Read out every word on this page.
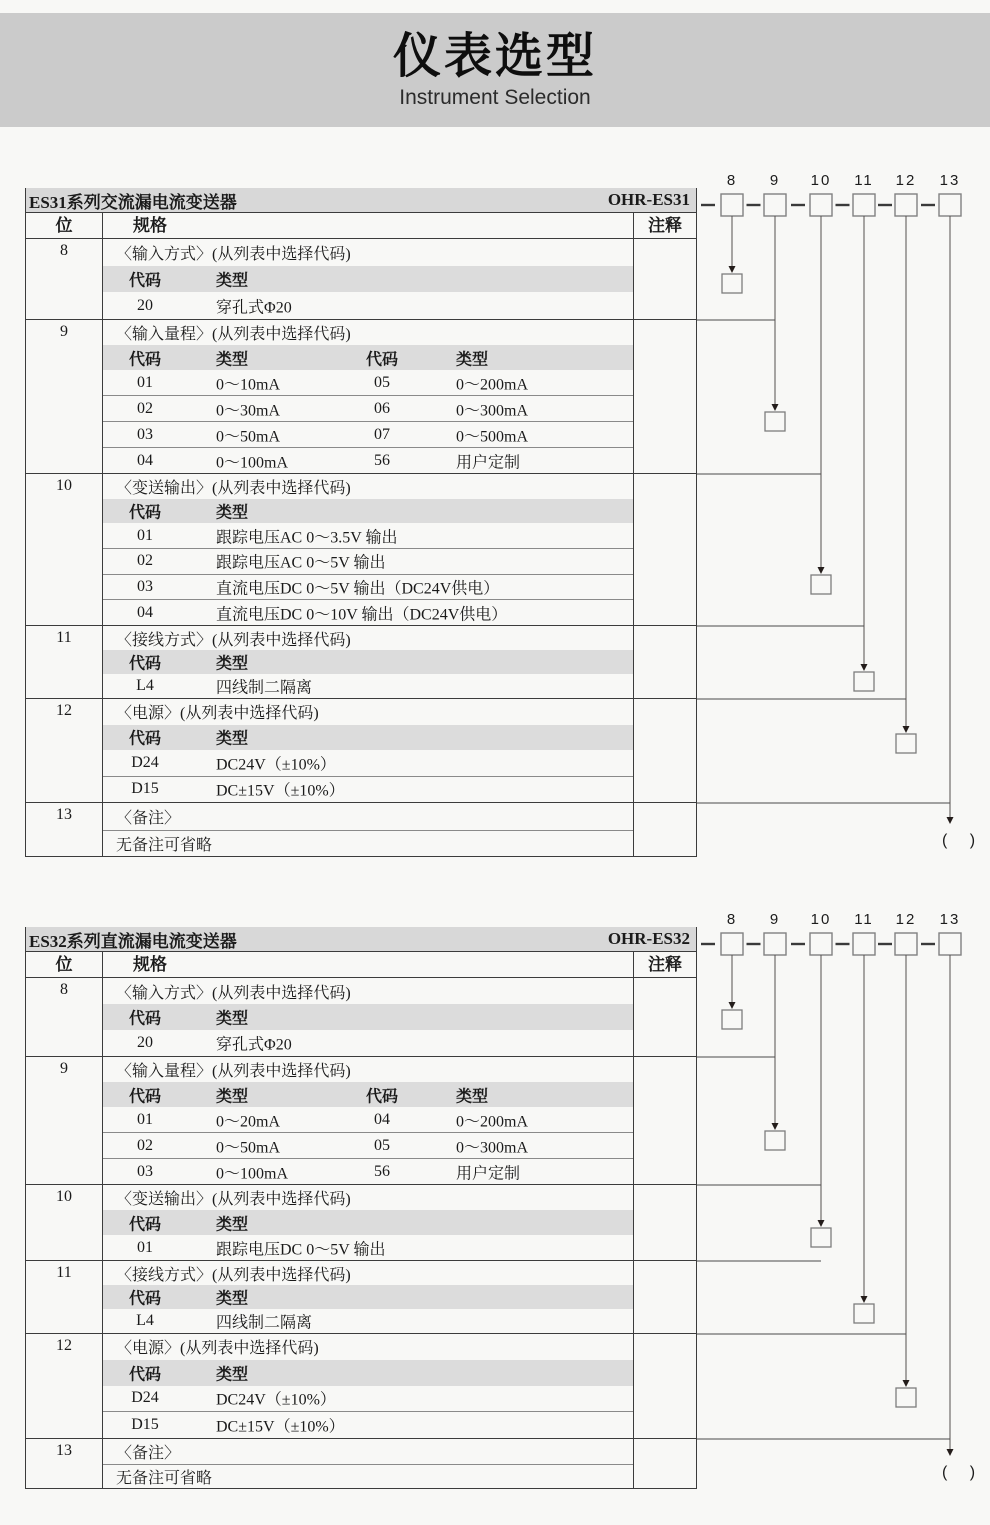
仪表选型
Instrument Selection
ES31系列交流漏电流变送器	OHR-ES31
位	规格	注释
8	〈输入方式〉(从列表中选择代码)
代码	类型
20	穿孔式Φ20
9	〈输入量程〉(从列表中选择代码)
代码	类型	代码	类型
01	0～10mA	05	0～200mA
02	0～30mA	06	0～300mA
03	0～50mA	07	0～500mA
04	0～100mA	56	用户定制
10	〈变送输出〉(从列表中选择代码)
代码	类型
01	跟踪电压AC 0～3.5V 输出
02	跟踪电压AC 0～5V 输出
03	直流电压DC 0～5V 输出（DC24V供电）
04	直流电压DC 0～10V 输出（DC24V供电）
11	〈接线方式〉(从列表中选择代码)
代码	类型
L4	四线制二隔离
12	〈电源〉(从列表中选择代码)
代码	类型
D24	DC24V（±10%）
D15	DC±15V（±10%）
13	〈备注〉
无备注可省略
8 9 10 11 12 13
( )
ES32系列直流漏电流变送器	OHR-ES32
位	规格	注释
8	〈输入方式〉(从列表中选择代码)
代码	类型
20	穿孔式Φ20
9	〈输入量程〉(从列表中选择代码)
代码	类型	代码	类型
01	0～20mA	04	0～200mA
02	0～50mA	05	0～300mA
03	0～100mA	56	用户定制
10	〈变送输出〉(从列表中选择代码)
代码	类型
01	跟踪电压DC 0～5V 输出
11	〈接线方式〉(从列表中选择代码)
代码	类型
L4	四线制二隔离
12	〈电源〉(从列表中选择代码)
代码	类型
D24	DC24V（±10%）
D15	DC±15V（±10%）
13	〈备注〉
无备注可省略
8 9 10 11 12 13
( )
